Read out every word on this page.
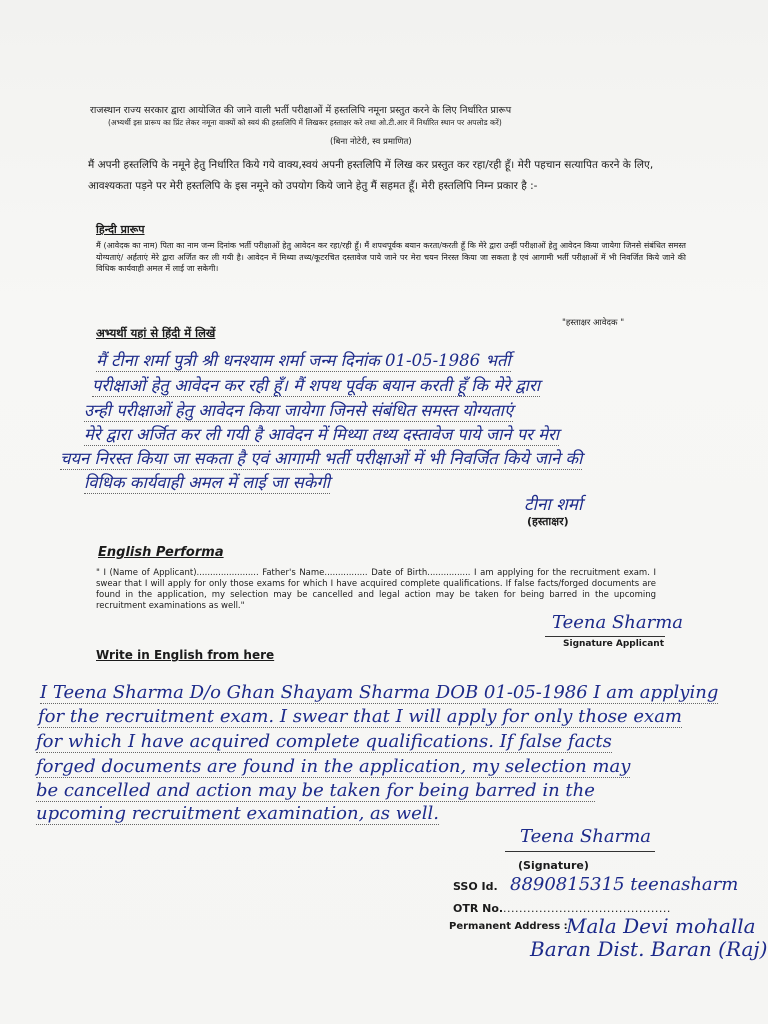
राजस्थान राज्य सरकार द्वारा आयोजित की जाने वाली भर्ती परीक्षाओं में हस्तलिपि नमूना प्रस्तुत करने के लिए निर्धारित प्रारूप
(अभ्यर्थी इस प्रारूप का प्रिंट लेकर नमूना वाक्यों को स्वयं की हस्तलिपि में लिखकर हस्ताक्षर करे तथा ओ.टी.आर में निर्धारित स्थान पर अपलोड करें)
(बिना नोटेरी, स्व प्रमाणित)
मैं अपनी हस्तलिपि के नमूने हेतु निर्धारित किये गये वाक्य,स्वयं अपनी हस्तलिपि में लिख कर प्रस्तुत कर रहा/रही हूँ। मेरी पहचान सत्यापित करने के लिए, आवश्यकता पड़ने पर मेरी हस्तलिपि के इस नमूने को उपयोग किये जाने हेतु मैं सहमत हूँ। मेरी हस्तलिपि निम्न प्रकार है :-
हिन्दी प्रारूप
मैं (आवेदक का नाम) पिता का नाम जन्म दिनांक भर्ती परीक्षाओं हेतु आवेदन कर रहा/रही हूँ। मैं शपथपूर्वक बयान करता/करती हूँ कि मेरे द्वारा उन्हीं परीक्षाओं हेतु आवेदन किया जायेगा जिनसे संबंधित समस्त योग्यताएं/ अर्हताएं मेरे द्वारा अर्जित कर ली गयी है। आवेदन में मिथ्या तथ्य/कूटरचित दस्तावेज पाये जाने पर मेरा चयन निरस्त किया जा सकता है एवं आगामी भर्ती परीक्षाओं में भी निवर्जित किये जाने की विधिक कार्यवाही अमल में लाई जा सकेगी।
"हस्ताक्षर आवेदक "
अभ्यर्थी यहां से हिंदी में लिखें
मैं टीना शर्मा पुत्री श्री धनश्याम शर्मा जन्म दिनांक 01-05-1986 भर्ती
परीक्षाओं हेतु आवेदन कर रही हूँ। मैं शपथ पूर्वक बयान करती हूँ कि मेरे द्वारा
उन्ही परीक्षाओं हेतु आवेदन किया जायेगा जिनसे संबंधित समस्त योग्यताएं
मेरे द्वारा अर्जित कर ली गयी है आवेदन में मिथ्या तथ्य दस्तावेज पाये जाने पर मेरा
चयन निरस्त किया जा सकता है एवं आगामी भर्ती परीक्षाओं में भी निवर्जित किये जाने की
विधिक कार्यवाही अमल में लाई जा सकेगी
टीना शर्मा
(हस्ताक्षर)
English Performa
" I (Name of Applicant)....................... Father's Name................ Date of Birth................ I am applying for the recruitment exam. I swear that I will apply for only those exams for which I have acquired complete qualifications. If false facts/forged documents are found in the application, my selection may be cancelled and legal action may be taken for being barred in the upcoming recruitment examinations as well."
Teena Sharma
Signature Applicant
Write in English from here
I Teena Sharma D/o Ghan Shayam Sharma DOB 01-05-1986 I am applying
for the recruitment exam. I swear that I will apply for only those exam
for which I have acquired complete qualifications. If false facts
forged documents are found in the application, my selection may
be cancelled and action may be taken for being barred in the
upcoming recruitment examination, as well.
Teena Sharma
(Signature)
SSO Id. 8890815315 teenasharm
OTR No. ..........................................
Permanent Address :
Mala Devi mohalla
Baran Dist. Baran (Raj)
